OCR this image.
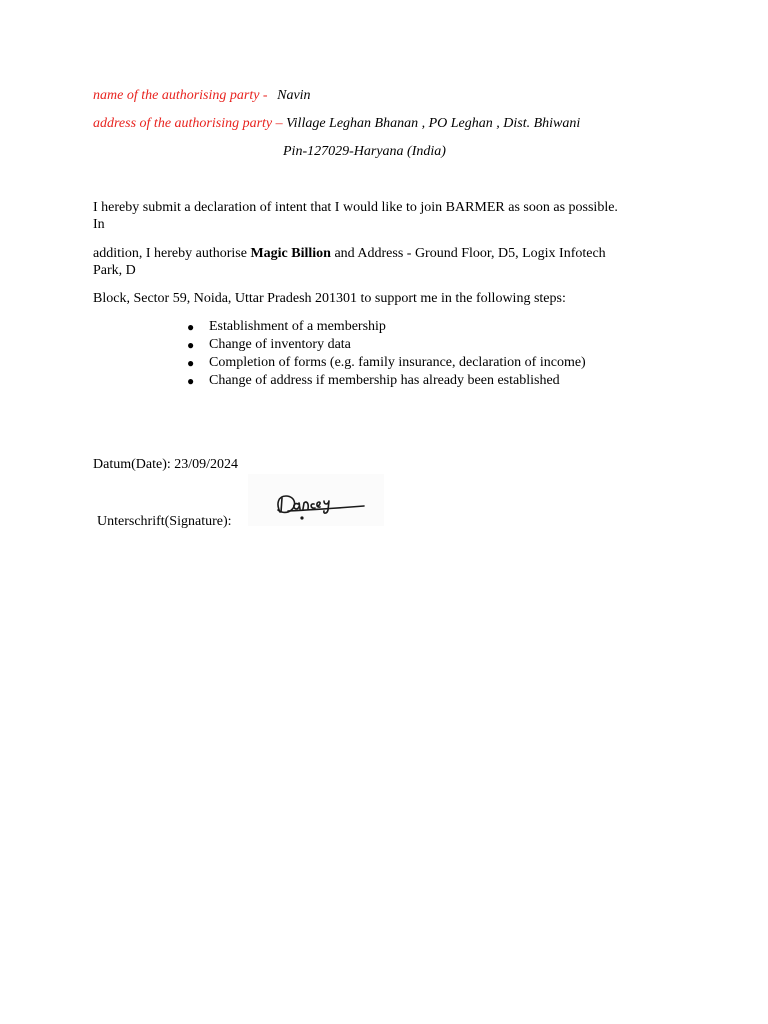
name of the authorising party - Navin
address of the authorising party – Village Leghan Bhanan , PO Leghan , Dist. Bhiwani
Pin-127029-Haryana (India)
I hereby submit a declaration of intent that I would like to join BARMER as soon as possible.
In
addition, I hereby authorise Magic Billion and Address - Ground Floor, D5, Logix Infotech
Park, D
Block, Sector 59, Noida, Uttar Pradesh 201301 to support me in the following steps:
● Establishment of a membership
● Change of inventory data
● Completion of forms (e.g. family insurance, declaration of income)
● Change of address if membership has already been established
Datum(Date): 23/09/2024
Unterschrift(Signature):
